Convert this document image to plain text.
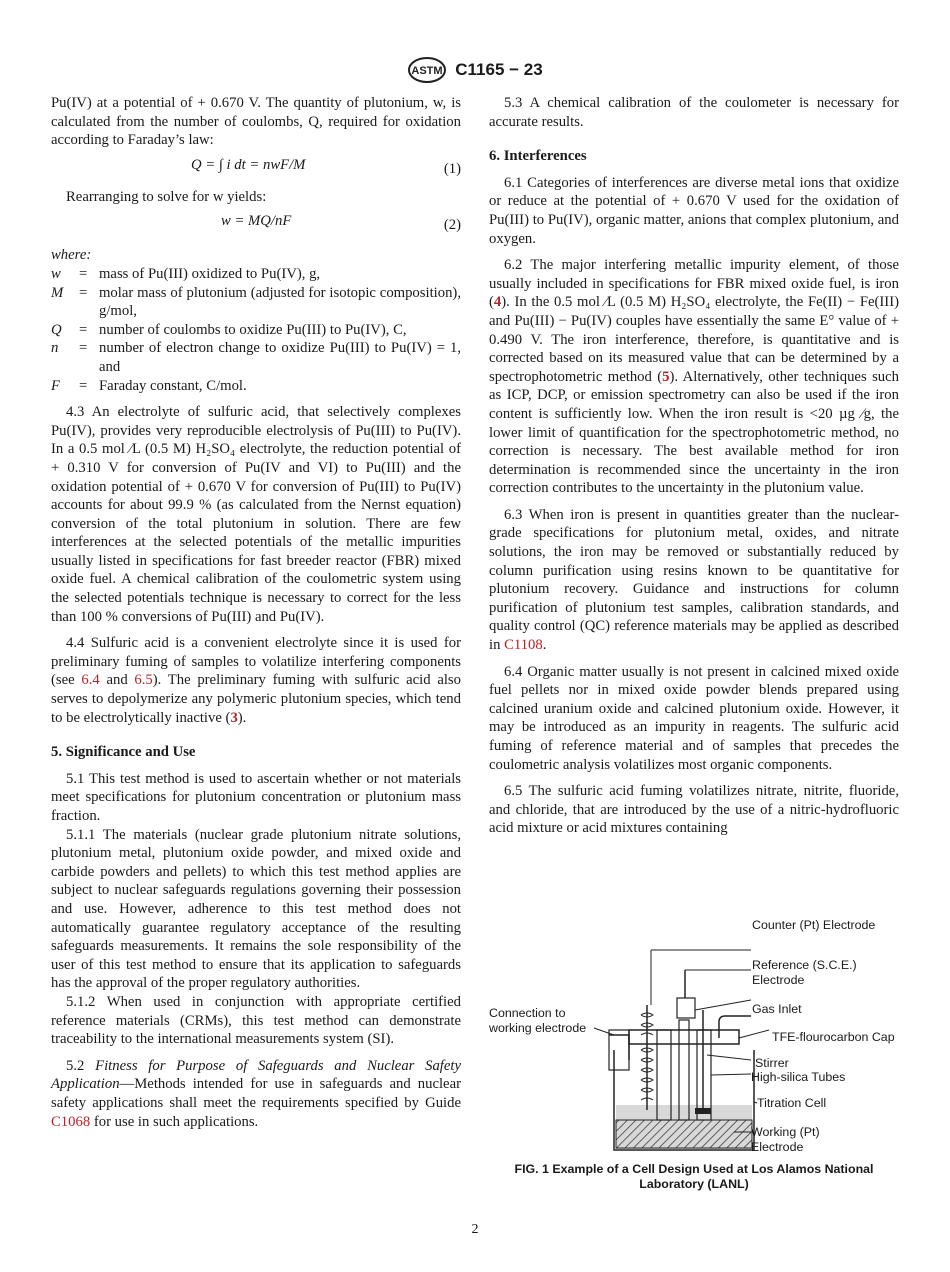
ASTM C1165 − 23

Pu(IV) at a potential of + 0.670 V. The quantity of plutonium, w, is calculated from the number of coulombs, Q, required for oxidation according to Faraday’s law:

Q = ∫ i dt = nwF/M	(1)

Rearranging to solve for w yields:

w = MQ/nF	(2)
where:
w	= mass of Pu(III) oxidized to Pu(IV), g,
M	= molar mass of plutonium (adjusted for isotopic composition), g/mol,
Q	= number of coulombs to oxidize Pu(III) to Pu(IV), C,
n	= number of electron change to oxidize Pu(III) to Pu(IV) = 1, and
F	= Faraday constant, C/mol.

4.3 An electrolyte of sulfuric acid, that selectively complexes Pu(IV), provides very reproducible electrolysis of Pu(III) to Pu(IV). In a 0.5 mol ⁄L (0.5 M) H₂SO₄ electrolyte, the reduction potential of + 0.310 V for conversion of Pu(IV and VI) to Pu(III) and the oxidation potential of + 0.670 V for conversion of Pu(III) to Pu(IV) accounts for about 99.9 % (as calculated from the Nernst equation) conversion of the total plutonium in solution. There are few interferences at the selected potentials of the metallic impurities usually listed in specifications for fast breeder reactor (FBR) mixed oxide fuel. A chemical calibration of the coulometric system using the selected potentials technique is necessary to correct for the less than 100 % conversions of Pu(III) and Pu(IV).

4.4 Sulfuric acid is a convenient electrolyte since it is used for preliminary fuming of samples to volatilize interfering components (see 6.4 and 6.5). The preliminary fuming with sulfuric acid also serves to depolymerize any polymeric plutonium species, which tend to be electrolytically inactive (3).

5. Significance and Use

5.1 This test method is used to ascertain whether or not materials meet specifications for plutonium concentration or plutonium mass fraction.

5.1.1 The materials (nuclear grade plutonium nitrate solutions, plutonium metal, plutonium oxide powder, and mixed oxide and carbide powders and pellets) to which this test method applies are subject to nuclear safeguards regulations governing their possession and use. However, adherence to this test method does not automatically guarantee regulatory acceptance of the resulting safeguards measurements. It remains the sole responsibility of the user of this test method to ensure that its application to safeguards has the approval of the proper regulatory authorities.

5.1.2 When used in conjunction with appropriate certified reference materials (CRMs), this test method can demonstrate traceability to the international measurements system (SI).

5.2 Fitness for Purpose of Safeguards and Nuclear Safety Application—Methods intended for use in safeguards and nuclear safety applications shall meet the requirements specified by Guide C1068 for use in such applications.

5.3 A chemical calibration of the coulometer is necessary for accurate results.

6. Interferences

6.1 Categories of interferences are diverse metal ions that oxidize or reduce at the potential of + 0.670 V used for the oxidation of Pu(III) to Pu(IV), organic matter, anions that complex plutonium, and oxygen.

6.2 The major interfering metallic impurity element, of those usually included in specifications for FBR mixed oxide fuel, is iron (4). In the 0.5 mol ⁄L (0.5 M) H₂SO₄ electrolyte, the Fe(II) − Fe(III) and Pu(III) − Pu(IV) couples have essentially the same E° value of + 0.490 V. The iron interference, therefore, is quantitative and is corrected based on its measured value that can be determined by a spectrophotometric method (5). Alternatively, other techniques such as ICP, DCP, or emission spectrometry can also be used if the iron content is sufficiently low. When the iron result is <20 µg ⁄g, the lower limit of quantification for the spectrophotometric method, no correction is necessary. The best available method for iron determination is recommended since the uncertainty in the iron correction contributes to the uncertainty in the plutonium value.

6.3 When iron is present in quantities greater than the nuclear-grade specifications for plutonium metal, oxides, and nitrate solutions, the iron may be removed or substantially reduced by column purification using resins known to be quantitative for plutonium recovery. Guidance and instructions for column purification of plutonium test samples, calibration standards, and quality control (QC) reference materials may be applied as described in C1108.

6.4 Organic matter usually is not present in calcined mixed oxide fuel pellets nor in mixed oxide powder blends prepared using calcined uranium oxide and calcined plutonium oxide. However, it may be introduced as an impurity in reagents. The sulfuric acid fuming of reference material and of samples that precedes the coulometric analysis volatilizes most organic components.

6.5 The sulfuric acid fuming volatilizes nitrate, nitrite, fluoride, and chloride, that are introduced by the use of a nitric-hydrofluoric acid mixture or acid mixtures containing

Counter (Pt) Electrode
Reference (S.C.E.) Electrode
Gas Inlet
TFE-flourocarbon Cap
Stirrer
High-silica Tubes
Titration Cell
Working (Pt) Electrode
Connection to working electrode
FIG. 1 Example of a Cell Design Used at Los Alamos National Laboratory (LANL)
2
